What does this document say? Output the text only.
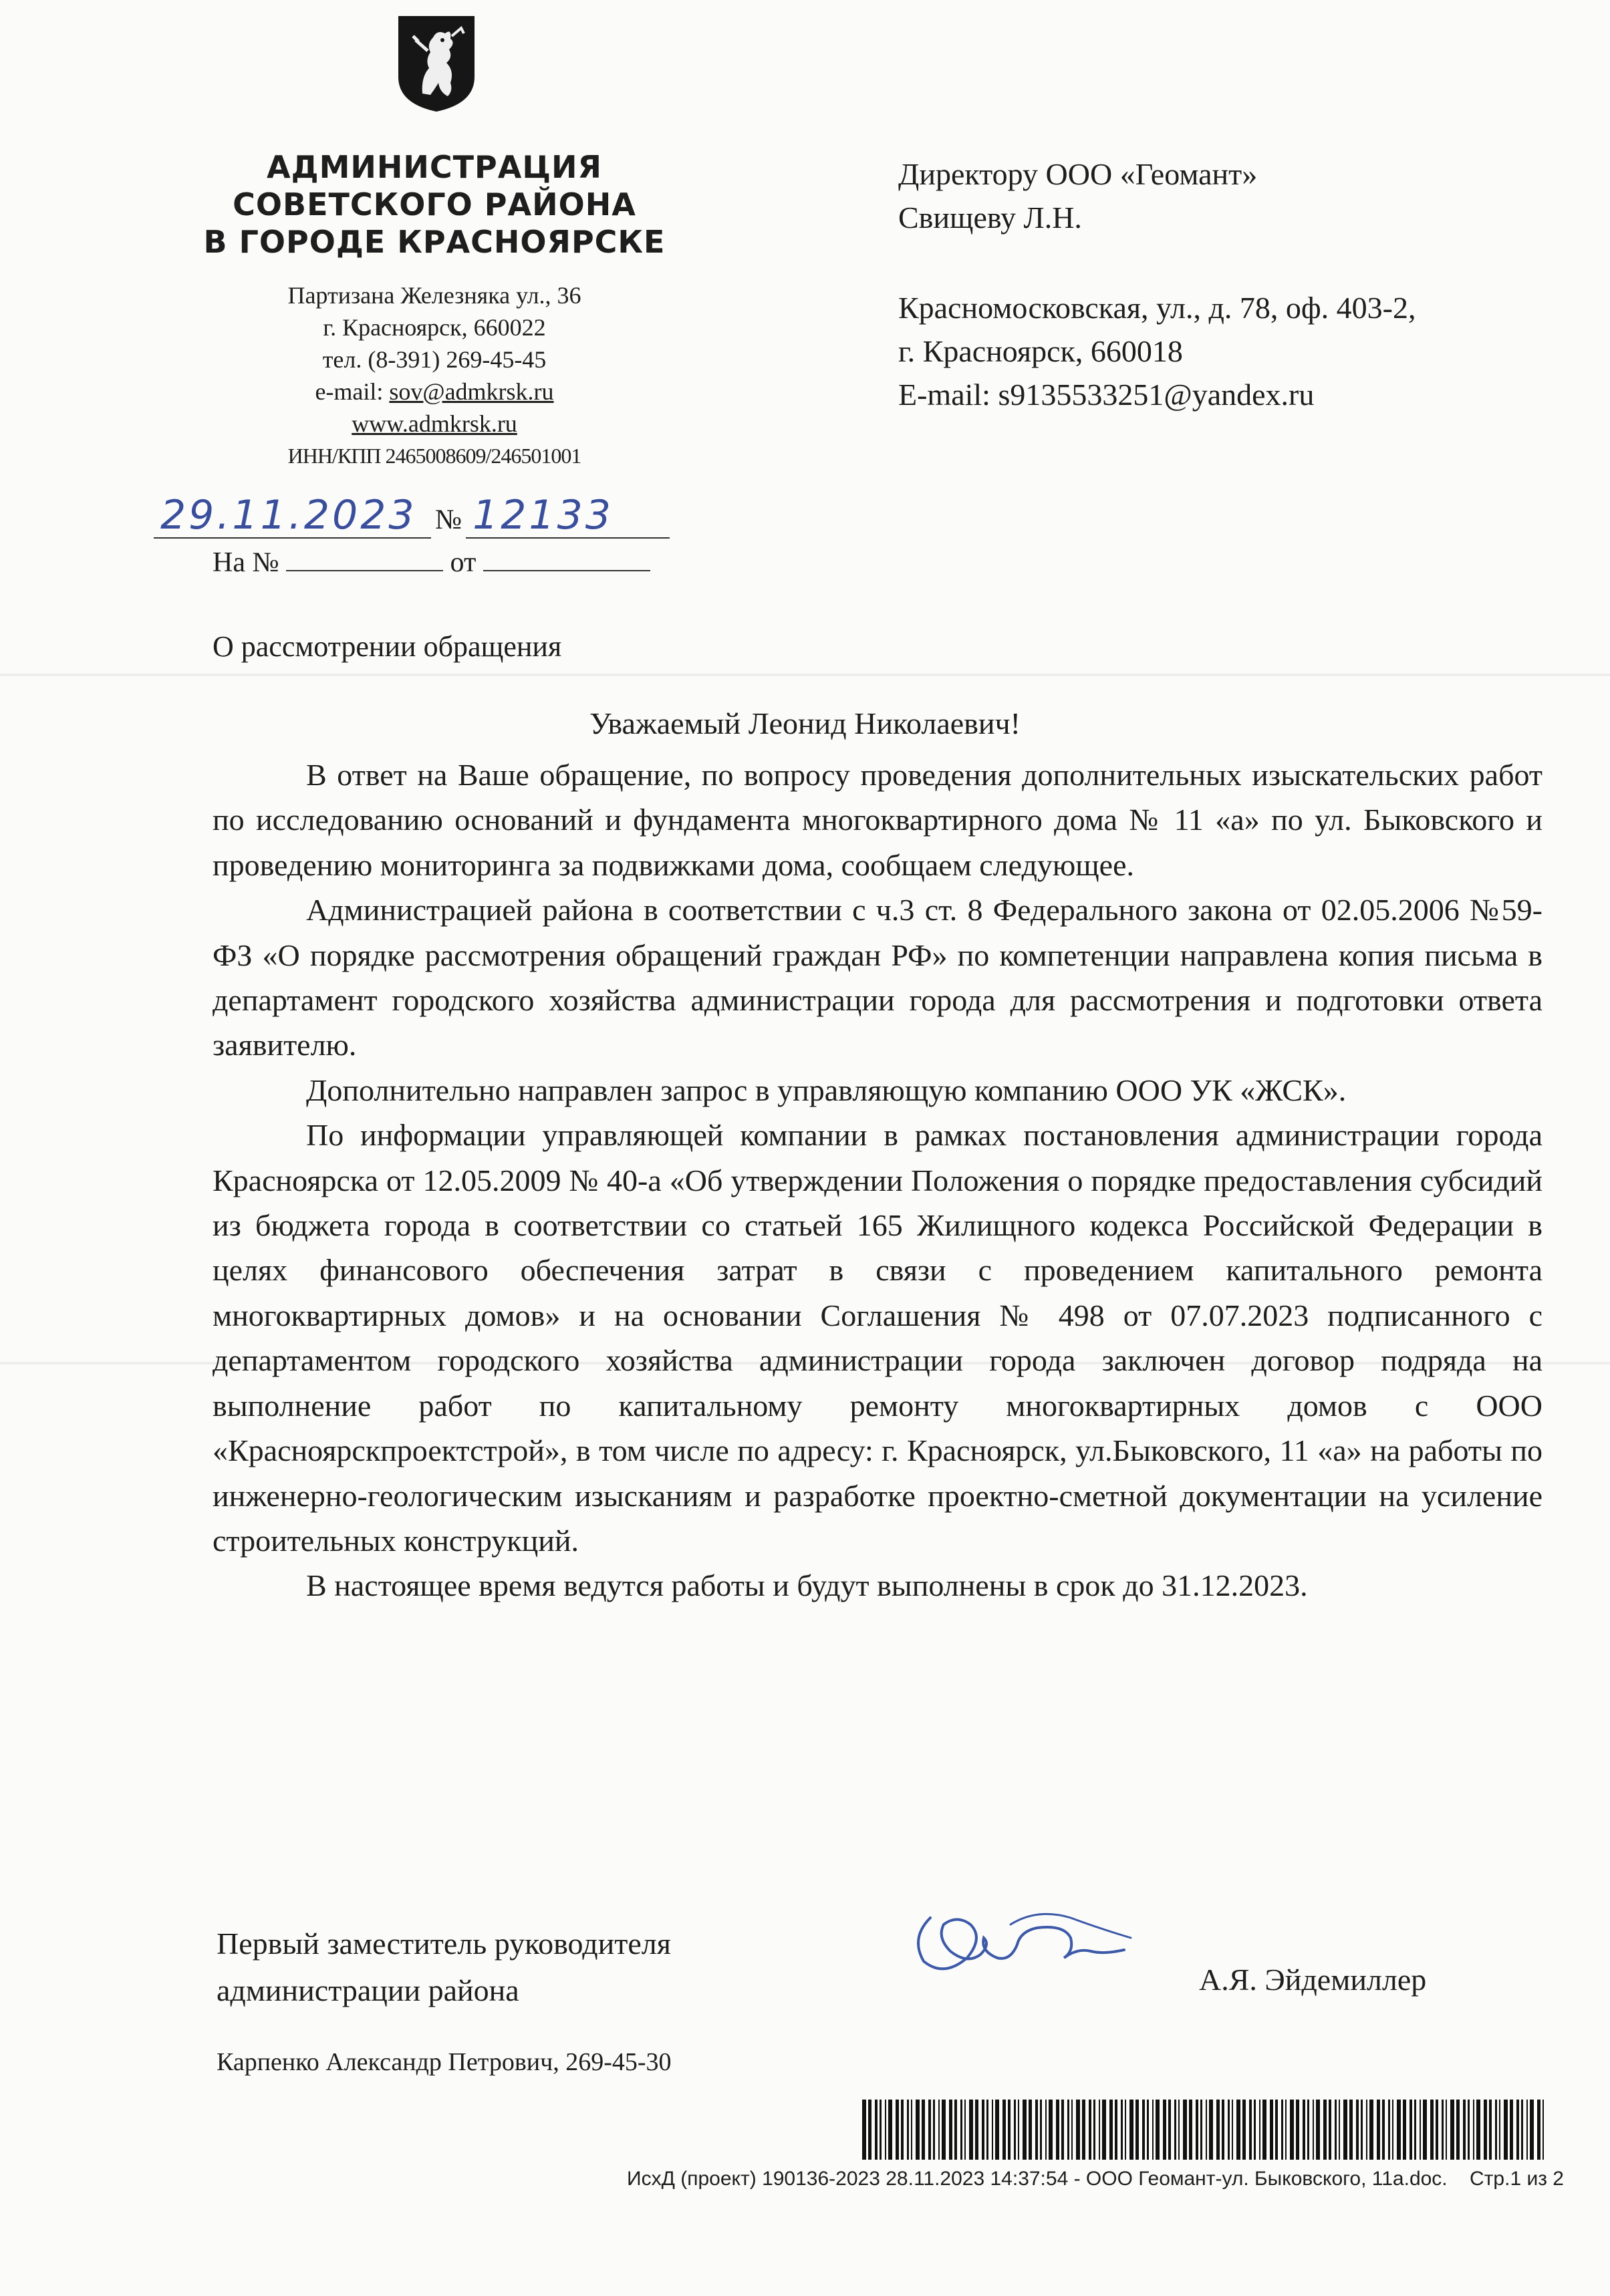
АДМИНИСТРАЦИЯ
СОВЕТСКОГО РАЙОНА
В ГОРОДЕ КРАСНОЯРСКЕ
Партизана Железняка ул., 36
г. Красноярск, 660022
тел. (8-391) 269-45-45
e-mail: sov@admkrsk.ru
www.admkrsk.ru
ИНН/КПП 2465008609/246501001
29.11.2023 № 12133
На №	от
О рассмотрении обращения
Директору ООО «Геомант»
Свищеву Л.Н.
Красномосковская, ул., д. 78, оф. 403-2,
г. Красноярск, 660018
E-mail: s9135533251@yandex.ru
Уважаемый Леонид Николаевич!

В ответ на Ваше обращение, по вопросу проведения дополнительных изыскательских работ по исследованию оснований и фундамента многоквартирного дома № 11 «а» по ул. Быковского и проведению мониторинга за подвижками дома, сообщаем следующее.

Администрацией района в соответствии с ч.3 ст. 8 Федерального закона от 02.05.2006 №59-ФЗ «О порядке рассмотрения обращений граждан РФ» по компетенции направлена копия письма в департамент городского хозяйства администрации города для рассмотрения и подготовки ответа заявителю.

Дополнительно направлен запрос в управляющую компанию ООО УК «ЖСК».

По информации управляющей компании в рамках постановления администрации города Красноярска от 12.05.2009 № 40-а «Об утверждении Положения о порядке предоставления субсидий из бюджета города в соответствии со статьей 165 Жилищного кодекса Российской Федерации в целях финансового обеспечения затрат в связи с проведением капитального ремонта многоквартирных домов» и на основании Соглашения № 498 от 07.07.2023 подписанного с департаментом городского хозяйства администрации города заключен договор подряда на выполнение работ по капитальному ремонту многоквартирных домов с ООО «Красноярскпроектстрой», в том числе по адресу: г. Красноярск, ул.Быковского, 11 «а» на работы по инженерно-геологическим изысканиям и разработке проектно-сметной документации на усиление строительных конструкций.

В настоящее время ведутся работы и будут выполнены в срок до 31.12.2023.

Первый заместитель руководителя
администрации района	А.Я. Эйдемиллер
Карпенко Александр Петрович, 269-45-30
ИсхД (проект) 190136-2023 28.11.2023 14:37:54 - ООО Геомант-ул. Быковского, 11а.doc. Стр.1 из 2
